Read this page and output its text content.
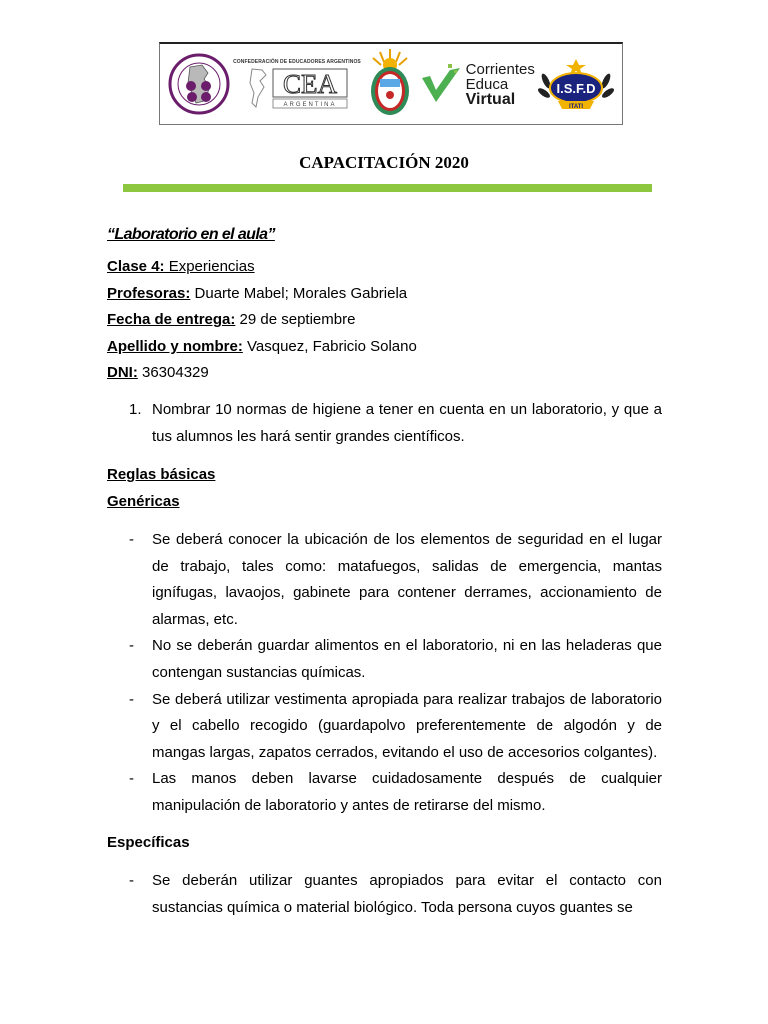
CONFEDERACIÓN DE EDUCADORES ARGENTINOS
CEA
ARGENTINA
Corrientes
Educa
Virtual
I.S.F.D
ITATI
CAPACITACIÓN 2020
“Laboratorio en el aula”
Clase 4: Experiencias
Profesoras: Duarte Mabel; Morales Gabriela
Fecha de entrega: 29 de septiembre
Apellido y nombre: Vasquez, Fabricio Solano
DNI: 36304329
1. Nombrar 10 normas de higiene a tener en cuenta en un laboratorio, y que a tus alumnos les hará sentir grandes científicos.
Reglas básicas
Genéricas
- Se deberá conocer la ubicación de los elementos de seguridad en el lugar de trabajo, tales como: matafuegos, salidas de emergencia, mantas ignífugas, lavaojos, gabinete para contener derrames, accionamiento de alarmas, etc.
- No se deberán guardar alimentos en el laboratorio, ni en las heladeras que contengan sustancias químicas.
- Se deberá utilizar vestimenta apropiada para realizar trabajos de laboratorio y el cabello recogido (guardapolvo preferentemente de algodón y de mangas largas, zapatos cerrados, evitando el uso de accesorios colgantes).
- Las manos deben lavarse cuidadosamente después de cualquier manipulación de laboratorio y antes de retirarse del mismo.
Específicas
- Se deberán utilizar guantes apropiados para evitar el contacto con sustancias química o material biológico. Toda persona cuyos guantes se
